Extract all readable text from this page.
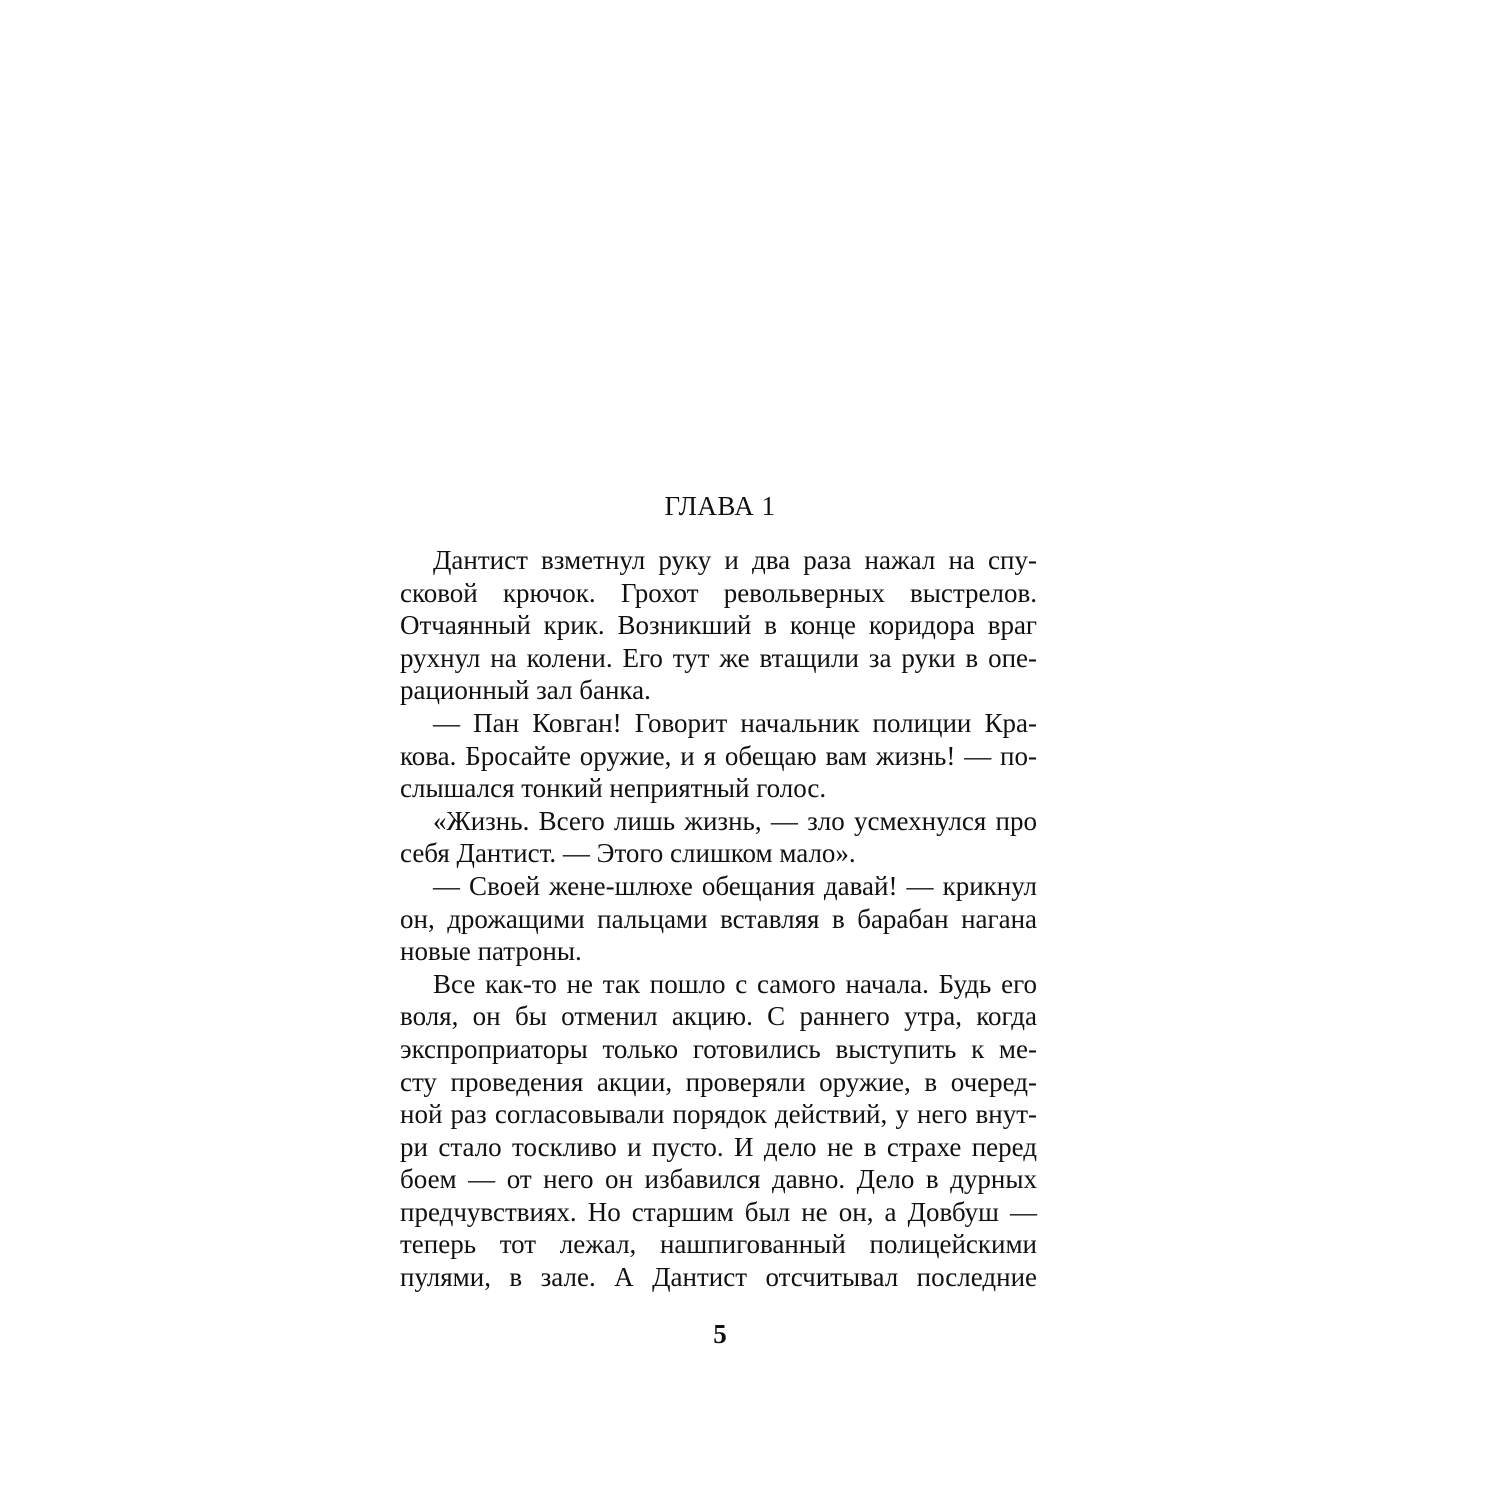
ГЛАВА 1
Дантист взметнул руку и два раза нажал на спу-
сковой крючок. Грохот револьверных выстрелов.
Отчаянный крик. Возникший в конце коридора враг
рухнул на колени. Его тут же втащили за руки в опе-
рационный зал банка.
— Пан Ковган! Говорит начальник полиции Кра-
кова. Бросайте оружие, и я обещаю вам жизнь! — по-
слышался тонкий неприятный голос.
«Жизнь. Всего лишь жизнь, — зло усмехнулся про
себя Дантист. — Этого слишком мало».
— Своей жене-шлюхе обещания давай! — крикнул
он, дрожащими пальцами вставляя в барабан нагана
новые патроны.
Все как-то не так пошло с самого начала. Будь его
воля, он бы отменил акцию. С раннего утра, когда
экспроприаторы только готовились выступить к ме-
сту проведения акции, проверяли оружие, в очеред-
ной раз согласовывали порядок действий, у него внут-
ри стало тоскливо и пусто. И дело не в страхе перед
боем — от него он избавился давно. Дело в дурных
предчувствиях. Но старшим был не он, а Довбуш —
теперь тот лежал, нашпигованный полицейскими
пулями, в зале. А Дантист отсчитывал последние
5
